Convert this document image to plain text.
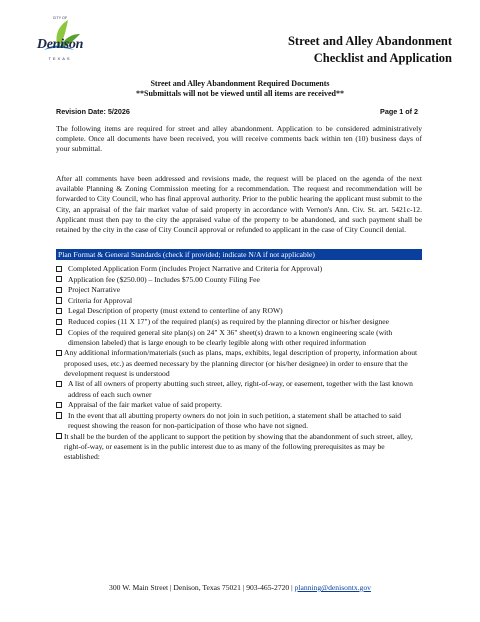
CITY OF
Denison
TEXAS
Street and Alley Abandonment
Checklist and Application
Street and Alley Abandonment Required Documents
**Submittals will not be viewed until all items are received**
Revision Date: 5/2026	Page 1 of 2
The following items are required for street and alley abandonment. Application to be considered administratively complete. Once all documents have been received, you will receive comments back within ten (10) business days of your submittal.
After all comments have been addressed and revisions made, the request will be placed on the agenda of the next available Planning & Zoning Commission meeting for a recommendation. The request and recommendation will be forwarded to City Council, who has final approval authority. Prior to the public hearing the applicant must submit to the City, an appraisal of the fair market value of said property in accordance with Vernon's Ann. Civ. St. art. 5421c-12. Applicant must then pay to the city the appraised value of the property to be abandoned, and such payment shall be retained by the city in the case of City Council approval or refunded to applicant in the case of City Council denial.
Plan Format & General Standards (check if provided; indicate N/A if not applicable)
Completed Application Form (includes Project Narrative and Criteria for Approval)
Application fee ($250.00) – Includes $75.00 County Filing Fee
Project Narrative
Criteria for Approval
Legal Description of property (must extend to centerline of any ROW)
Reduced copies (11 X 17") of the required plan(s) as required by the planning director or his/her designee
Copies of the required general site plan(s) on 24" X 36" sheet(s) drawn to a known engineering scale (with dimension labeled) that is large enough to be clearly legible along with other required information
Any additional information/materials (such as plans, maps, exhibits, legal description of property, information about proposed uses, etc.) as deemed necessary by the planning director (or his/her designee) in order to ensure that the development request is understood
A list of all owners of property abutting such street, alley, right-of-way, or easement, together with the last known address of each such owner
Appraisal of the fair market value of said property.
In the event that all abutting property owners do not join in such petition, a statement shall be attached to said request showing the reason for non-participation of those who have not signed.
It shall be the burden of the applicant to support the petition by showing that the abandonment of such street, alley, right-of-way, or easement is in the public interest due to as many of the following prerequisites as may be established:
300 W. Main Street | Denison, Texas 75021 | 903-465-2720 | planning@denisontx.gov
